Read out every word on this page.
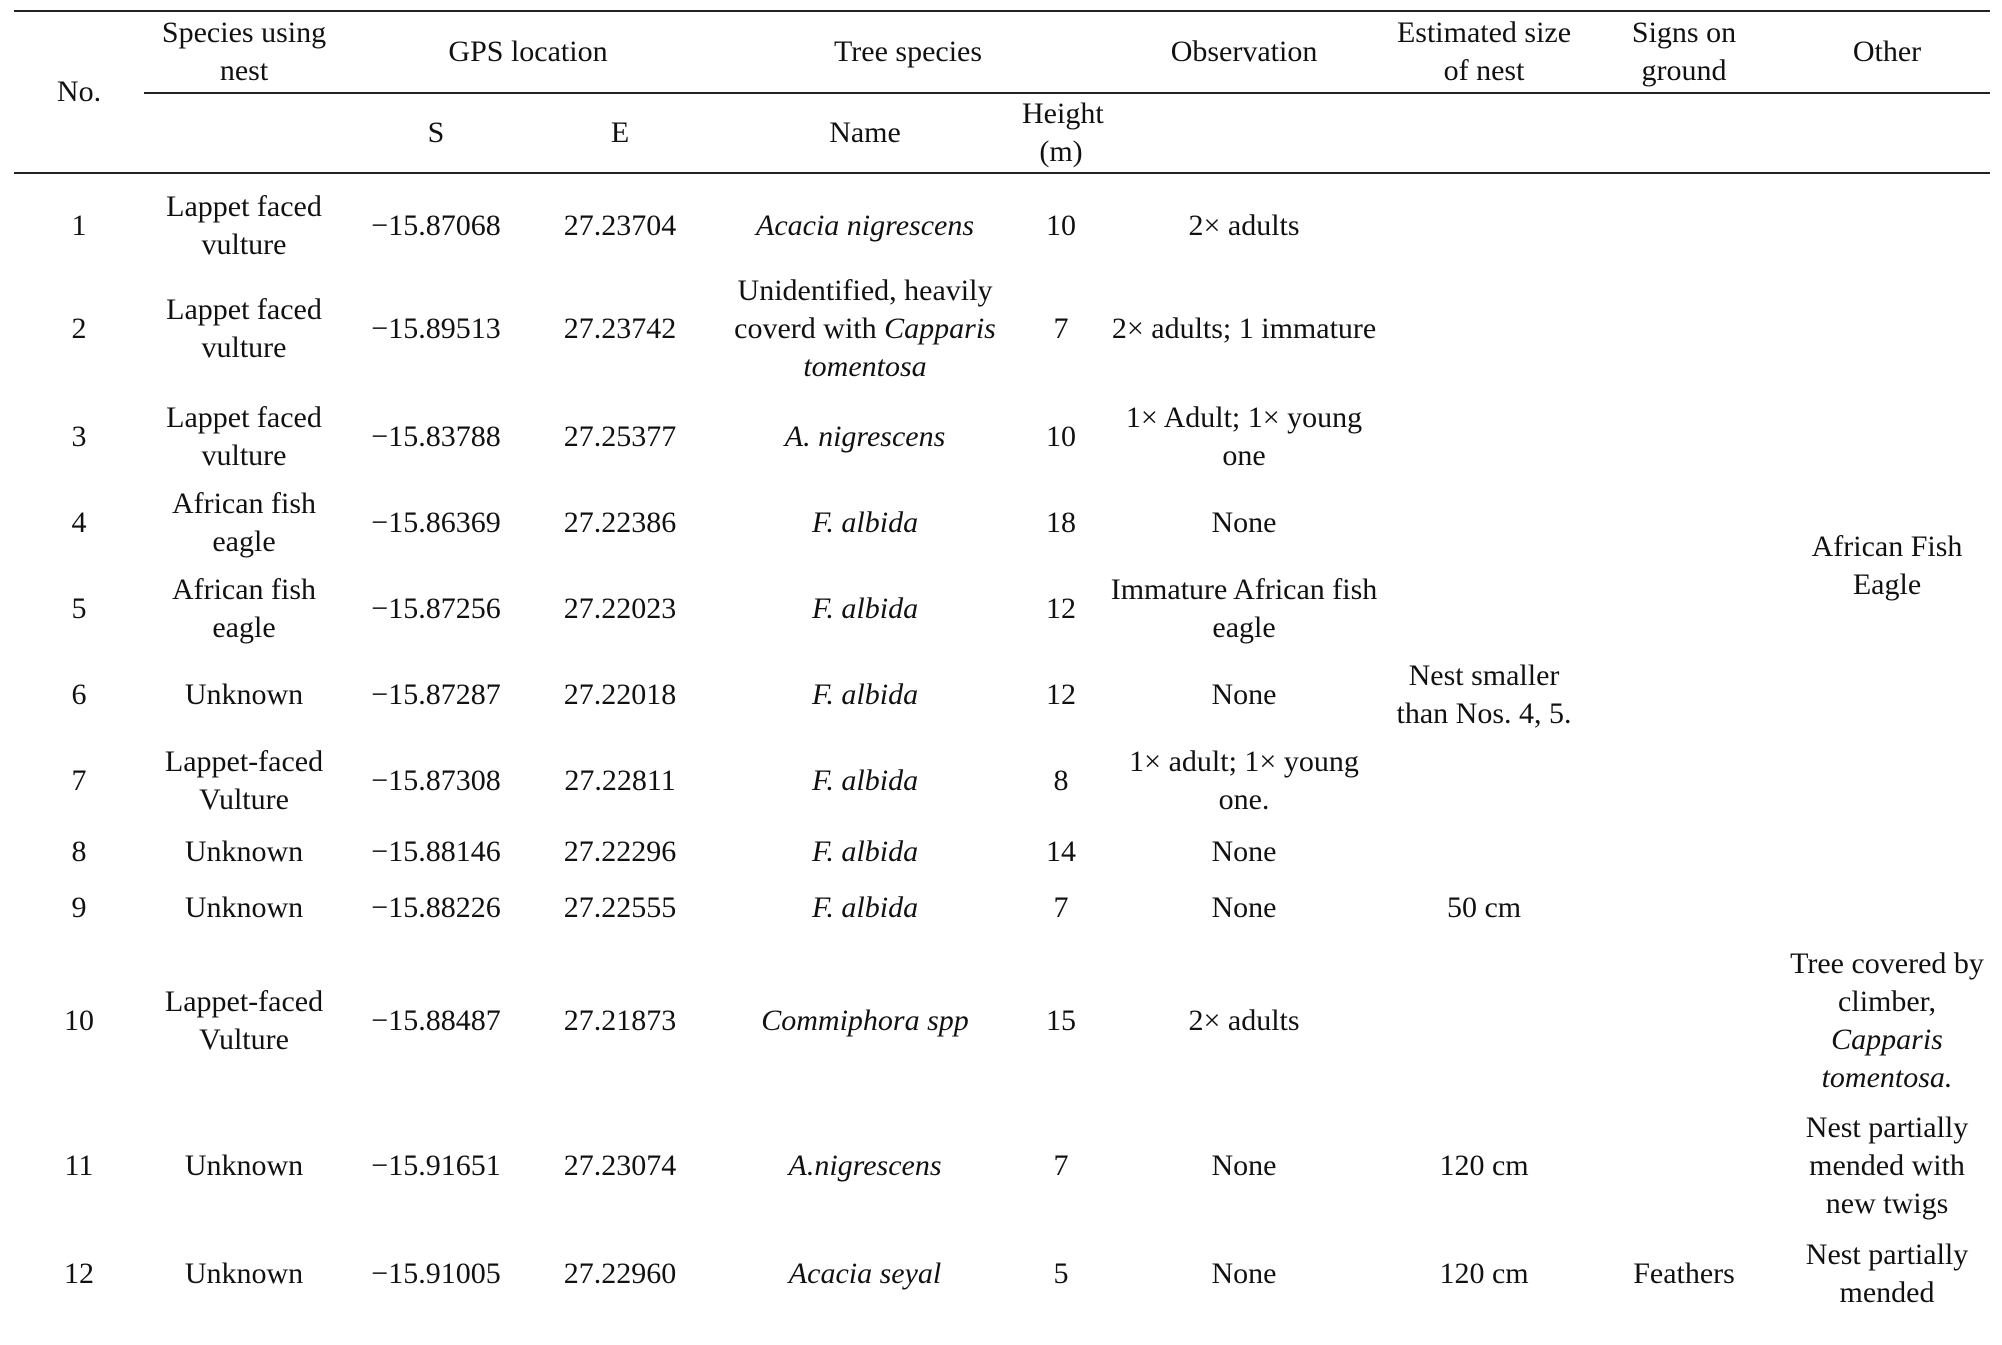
No.	Species using nest	GPS location		Tree species		Observation	Estimated size of nest	Signs on ground	Other
		S	E	Name	Height (m)				
1	Lappet faced vulture	−15.87068	27.23704	Acacia nigrescens	10	2× adults			
2	Lappet faced vulture	−15.89513	27.23742	Unidentified, heavily coverd with Capparis tomentosa	7	2× adults; 1 immature			
3	Lappet faced vulture	−15.83788	27.25377	A. nigrescens	10	1× Adult; 1× young one			
4	African fish eagle	−15.86369	27.22386	F. albida	18	None			African Fish Eagle
5	African fish eagle	−15.87256	27.22023	F. albida	12	Immature African fish eagle			
6	Unknown	−15.87287	27.22018	F. albida	12	None	Nest smaller than Nos. 4, 5.		
7	Lappet-faced Vulture	−15.87308	27.22811	F. albida	8	1× adult; 1× young one.			
8	Unknown	−15.88146	27.22296	F. albida	14	None			
9	Unknown	−15.88226	27.22555	F. albida	7	None	50 cm		
10	Lappet-faced Vulture	−15.88487	27.21873	Commiphora spp	15	2× adults			Tree covered by climber, Capparis tomentosa.
11	Unknown	−15.91651	27.23074	A.nigrescens	7	None	120 cm		Nest partially mended with new twigs
12	Unknown	−15.91005	27.22960	Acacia seyal	5	None	120 cm	Feathers	Nest partially mended
